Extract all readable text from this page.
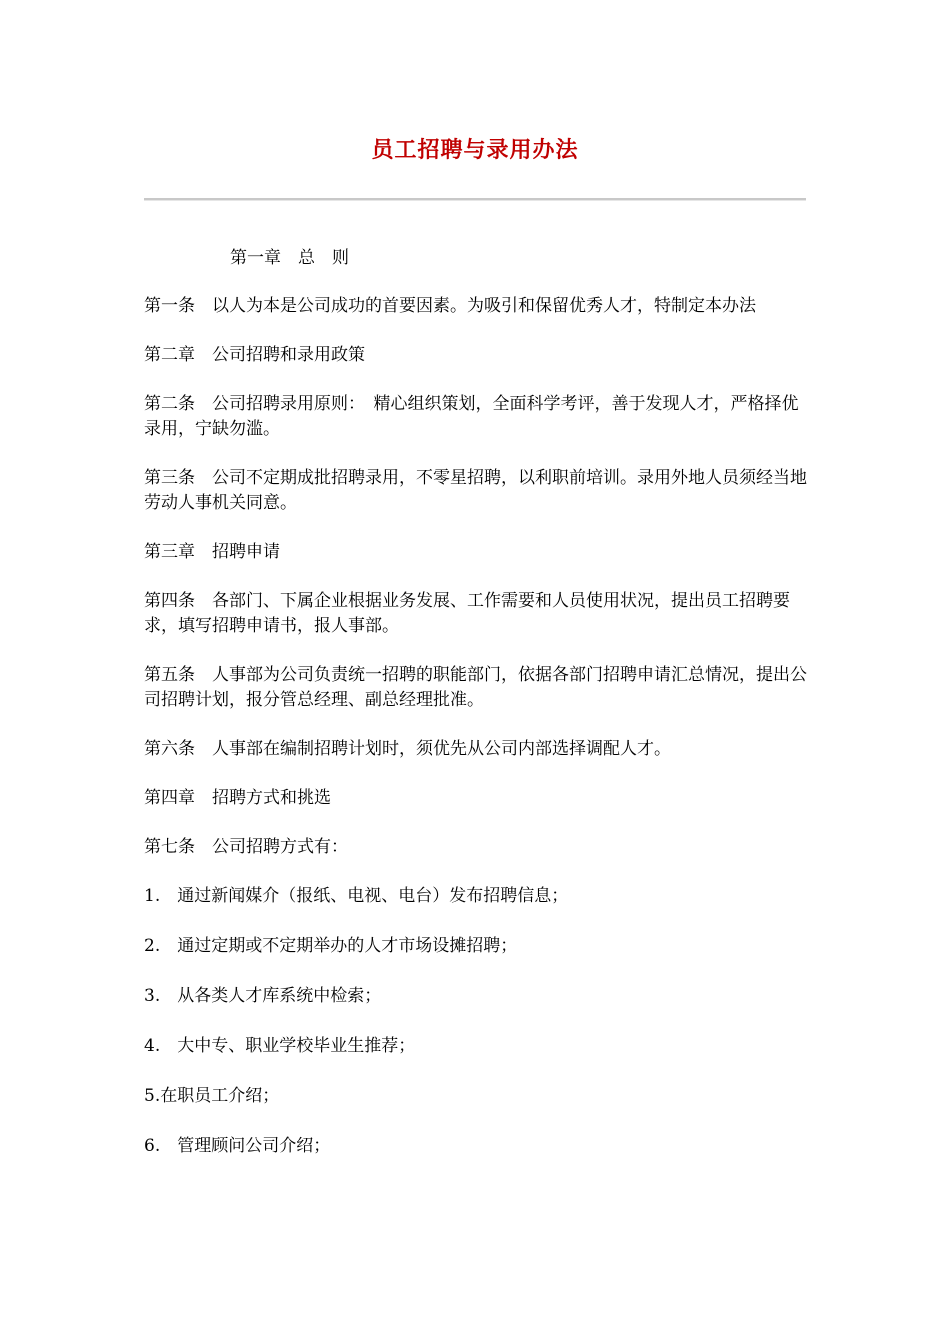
员工招聘与录用办法

第一章　总　则

第一条　以人为本是公司成功的首要因素。为吸引和保留优秀人才，特制定本办法

第二章　公司招聘和录用政策

第二条　公司招聘录用原则：　精心组织策划，全面科学考评，善于发现人才，严格择优录用，宁缺勿滥。

第三条　公司不定期成批招聘录用，不零星招聘，以利职前培训。录用外地人员须经当地劳动人事机关同意。

第三章　招聘申请

第四条　各部门、下属企业根据业务发展、工作需要和人员使用状况，提出员工招聘要求，填写招聘申请书，报人事部。

第五条　人事部为公司负责统一招聘的职能部门，依据各部门招聘申请汇总情况，提出公司招聘计划，报分管总经理、副总经理批准。

第六条　人事部在编制招聘计划时，须优先从公司内部选择调配人才。

第四章　招聘方式和挑选

第七条　公司招聘方式有：

1.　通过新闻媒介（报纸、电视、电台）发布招聘信息；

2.　通过定期或不定期举办的人才市场设摊招聘；

3.　从各类人才库系统中检索；

4.　大中专、职业学校毕业生推荐；

5.在职员工介绍；

6.　管理顾问公司介绍；
